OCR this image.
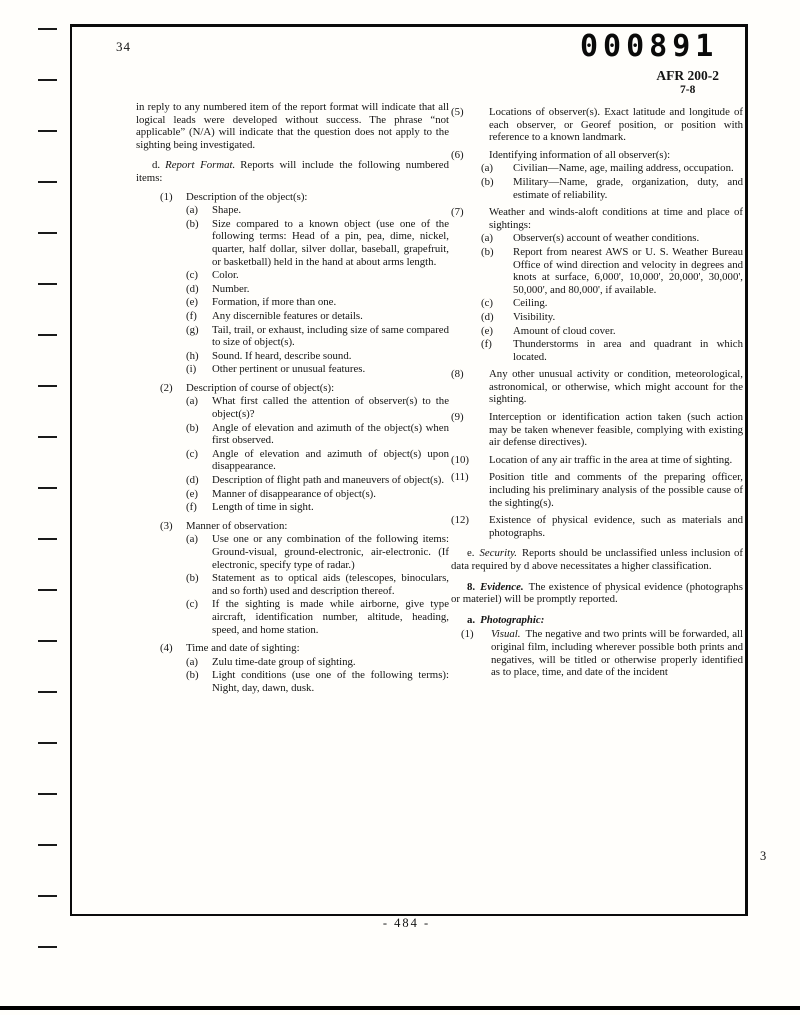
34	000891
AFR 200-2
7-8
in reply to any numbered item of the report format will indicate that all logical leads were developed without success. The phrase “not applicable” (N/A) will indicate that the question does not apply to the sighting being investigated.
d. Report Format. Reports will include the following numbered items:
(1) Description of the object(s):
(a) Shape.
(b) Size compared to a known object (use one of the following terms: Head of a pin, pea, dime, nickel, quarter, half dollar, silver dollar, baseball, grapefruit, or basketball) held in the hand at about arms length.
(c) Color.
(d) Number.
(e) Formation, if more than one.
(f) Any discernible features or details.
(g) Tail, trail, or exhaust, including size of same compared to size of object(s).
(h) Sound. If heard, describe sound.
(i) Other pertinent or unusual features.
(2) Description of course of object(s):
(a) What first called the attention of observer(s) to the object(s)?
(b) Angle of elevation and azimuth of the object(s) when first observed.
(c) Angle of elevation and azimuth of object(s) upon disappearance.
(d) Description of flight path and maneuvers of object(s).
(e) Manner of disappearance of object(s).
(f) Length of time in sight.
(3) Manner of observation:
(a) Use one or any combination of the following items: Ground-visual, ground-electronic, air-electronic. (If electronic, specify type of radar.)
(b) Statement as to optical aids (telescopes, binoculars, and so forth) used and description thereof.
(c) If the sighting is made while airborne, give type aircraft, identification number, altitude, heading, speed, and home station.
(4) Time and date of sighting:
(a) Zulu time-date group of sighting.
(b) Light conditions (use one of the following terms): Night, day, dawn, dusk.
(5) Locations of observer(s). Exact latitude and longitude of each observer, or Georef position, or position with reference to a known landmark.
(6) Identifying information of all observer(s):
(a) Civilian—Name, age, mailing address, occupation.
(b) Military—Name, grade, organization, duty, and estimate of reliability.
(7) Weather and winds-aloft conditions at time and place of sightings:
(a) Observer(s) account of weather conditions.
(b) Report from nearest AWS or U. S. Weather Bureau Office of wind direction and velocity in degrees and knots at surface, 6,000', 10,000', 20,000', 30,000', 50,000', and 80,000', if available.
(c) Ceiling.
(d) Visibility.
(e) Amount of cloud cover.
(f) Thunderstorms in area and quadrant in which located.
(8) Any other unusual activity or condition, meteorological, astronomical, or otherwise, which might account for the sighting.
(9) Interception or identification action taken (such action may be taken whenever feasible, complying with existing air defense directives).
(10) Location of any air traffic in the area at time of sighting.
(11) Position title and comments of the preparing officer, including his preliminary analysis of the possible cause of the sighting(s).
(12) Existence of physical evidence, such as materials and photographs.
e. Security. Reports should be unclassified unless inclusion of data required by d above necessitates a higher classification.
8. Evidence. The existence of physical evidence (photographs or materiel) will be promptly reported.
a. Photographic:
(1) Visual. The negative and two prints will be forwarded, all original film, including wherever possible both prints and negatives, will be titled or otherwise properly identified as to place, time, and date of the incident
3
- 484 -
